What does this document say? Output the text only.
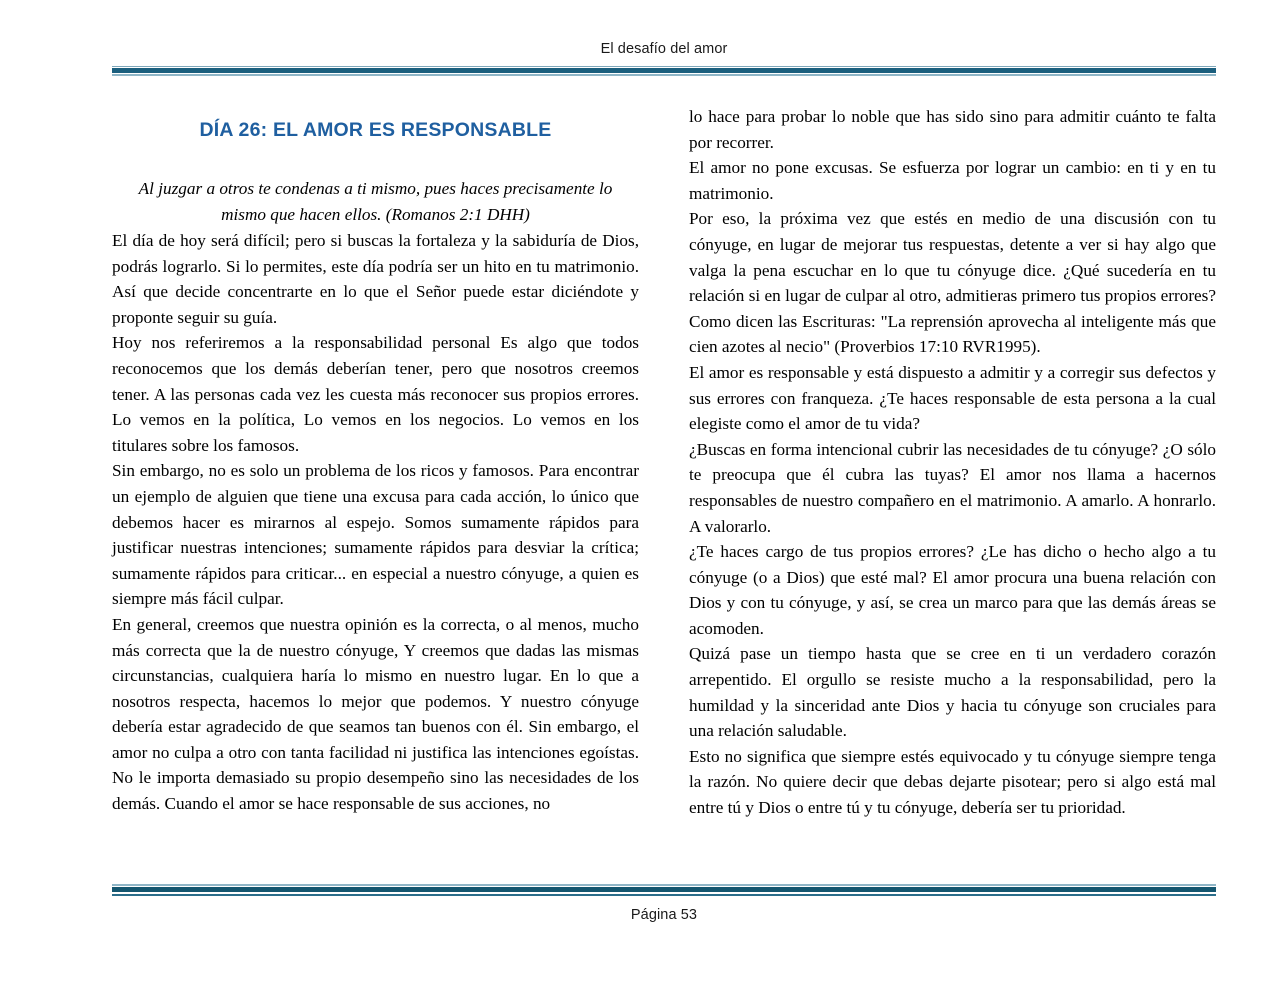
El desafío del amor
DÍA 26: EL AMOR ES RESPONSABLE
Al juzgar a otros te condenas a ti mismo, pues haces precisamente lo mismo que hacen ellos. (Romanos 2:1 DHH)

El día de hoy será difícil; pero si buscas la fortaleza y la sabiduría de Dios, podrás lograrlo. Si lo permites, este día podría ser un hito en tu matrimonio. Así que decide concentrarte en lo que el Señor puede estar diciéndote y proponte seguir su guía.

Hoy nos referiremos a la responsabilidad personal Es algo que todos reconocemos que los demás deberían tener, pero que nosotros creemos tener. A las personas cada vez les cuesta más reconocer sus propios errores. Lo vemos en la política, Lo vemos en los negocios. Lo vemos en los titulares sobre los famosos.

Sin embargo, no es solo un problema de los ricos y famosos. Para encontrar un ejemplo de alguien que tiene una excusa para cada acción, lo único que debemos hacer es mirarnos al espejo. Somos sumamente rápidos para justificar nuestras intenciones; sumamente rápidos para desviar la crítica; sumamente rápidos para criticar... en especial a nuestro cónyuge, a quien es siempre más fácil culpar.

En general, creemos que nuestra opinión es la correcta, o al menos, mucho más correcta que la de nuestro cónyuge, Y creemos que dadas las mismas circunstancias, cualquiera haría lo mismo en nuestro lugar. En lo que a nosotros respecta, hacemos lo mejor que podemos. Y nuestro cónyuge debería estar agradecido de que seamos tan buenos con él. Sin embargo, el amor no culpa a otro con tanta facilidad ni justifica las intenciones egoístas. No le importa demasiado su propio desempeño sino las necesidades de los demás. Cuando el amor se hace responsable de sus acciones, no

lo hace para probar lo noble que has sido sino para admitir cuánto te falta por recorrer.

El amor no pone excusas. Se esfuerza por lograr un cambio: en ti y en tu matrimonio.

Por eso, la próxima vez que estés en medio de una discusión con tu cónyuge, en lugar de mejorar tus respuestas, detente a ver si hay algo que valga la pena escuchar en lo que tu cónyuge dice. ¿Qué sucedería en tu relación si en lugar de culpar al otro, admitieras primero tus propios errores? Como dicen las Escrituras: "La reprensión aprovecha al inteligente más que cien azotes al necio" (Proverbios 17:10 RVR1995).

El amor es responsable y está dispuesto a admitir y a corregir sus defectos y sus errores con franqueza. ¿Te haces responsable de esta persona a la cual elegiste como el amor de tu vida?

¿Buscas en forma intencional cubrir las necesidades de tu cónyuge? ¿O sólo te preocupa que él cubra las tuyas? El amor nos llama a hacernos responsables de nuestro compañero en el matrimonio. A amarlo. A honrarlo. A valorarlo.

¿Te haces cargo de tus propios errores? ¿Le has dicho o hecho algo a tu cónyuge (o a Dios) que esté mal? El amor procura una buena relación con Dios y con tu cónyuge, y así, se crea un marco para que las demás áreas se acomoden.

Quizá pase un tiempo hasta que se cree en ti un verdadero corazón arrepentido. El orgullo se resiste mucho a la responsabilidad, pero la humildad y la sinceridad ante Dios y hacia tu cónyuge son cruciales para una relación saludable.

Esto no significa que siempre estés equivocado y tu cónyuge siempre tenga la razón. No quiere decir que debas dejarte pisotear; pero si algo está mal entre tú y Dios o entre tú y tu cónyuge, debería ser tu prioridad.

Página 53
